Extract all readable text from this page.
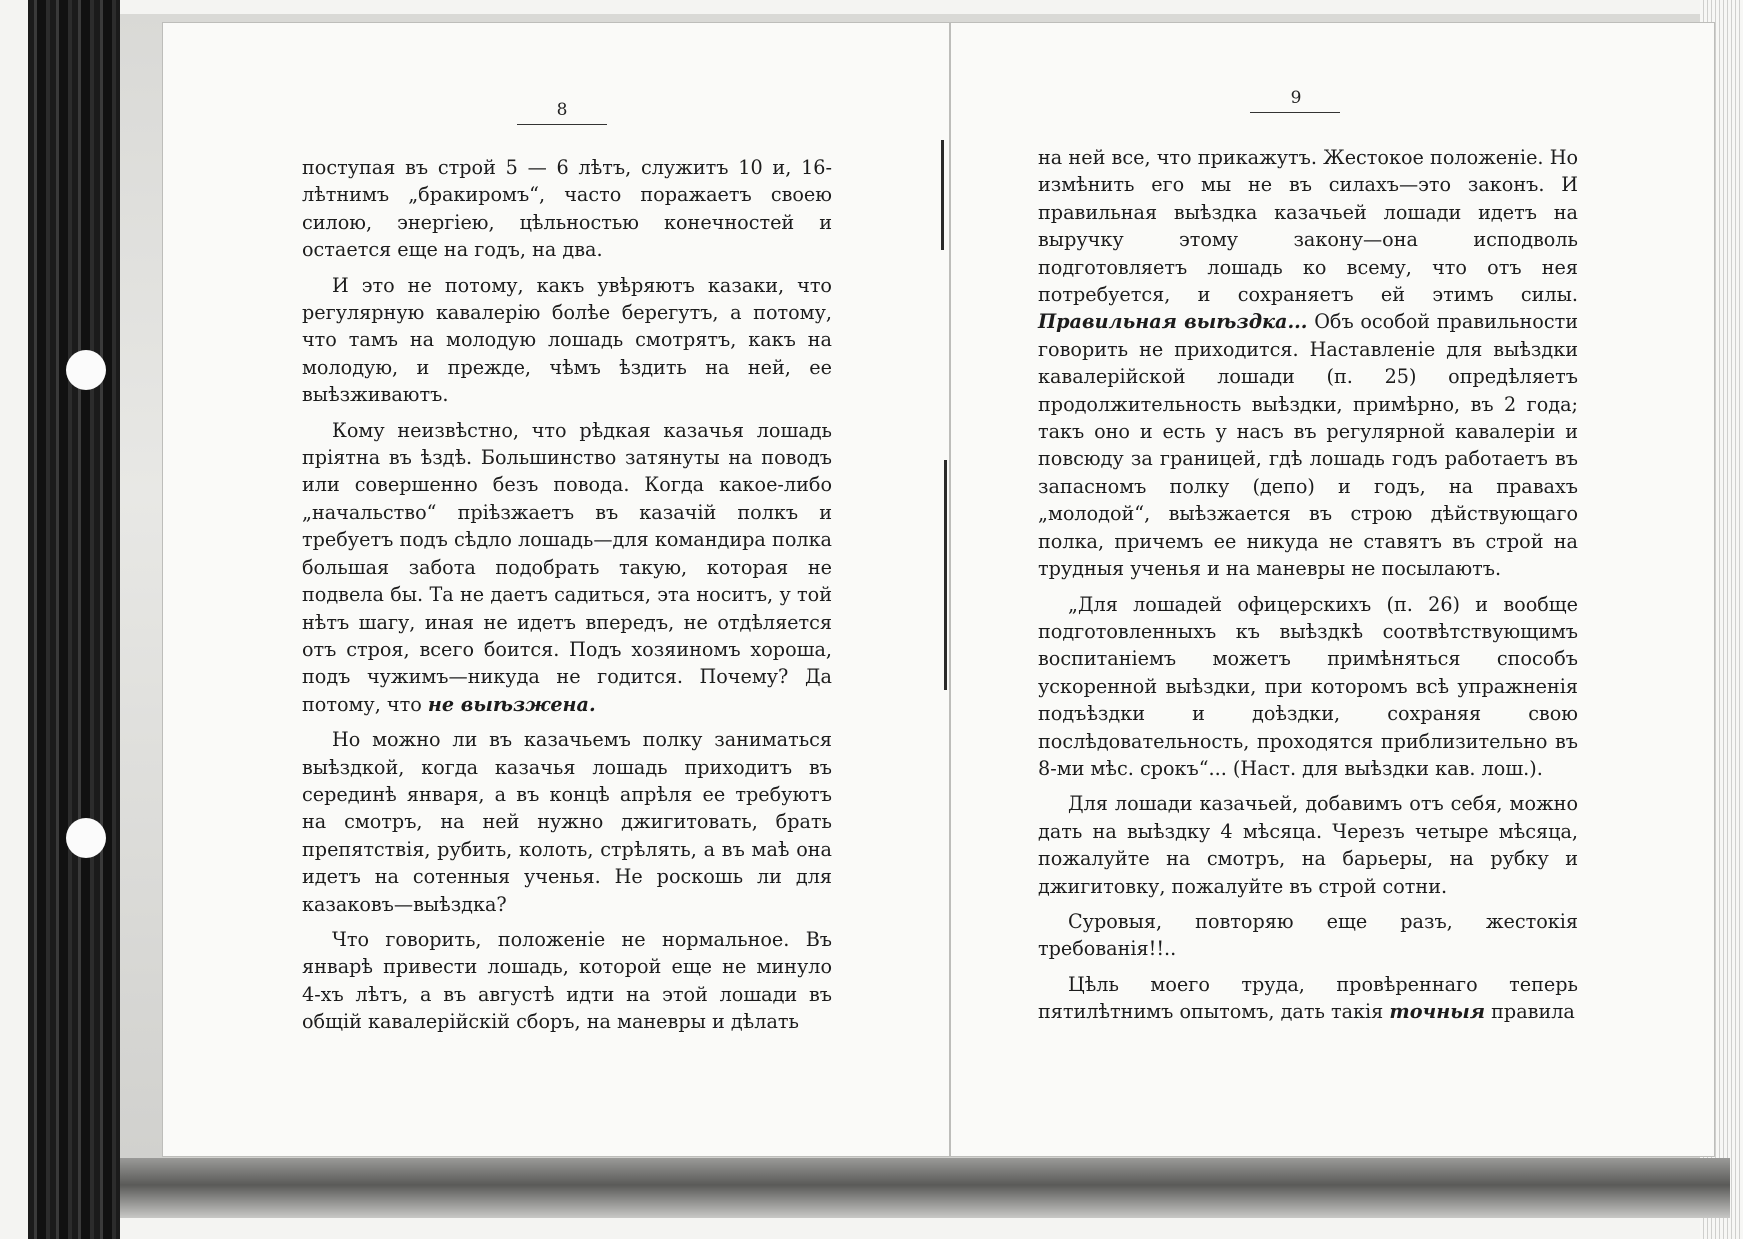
8

поступая въ строй 5 — 6 лѣтъ, служитъ 10 и, 16-лѣтнимъ „бракиромъ“, часто поражаетъ своею силою, энергіею, цѣльностью конечностей и остается еще на годъ, на два.

И это не потому, какъ увѣряютъ казаки, что регулярную кавалерію болѣе берегутъ, а потому, что тамъ на молодую лошадь смотрятъ, какъ на молодую, и прежде, чѣмъ ѣздить на ней, ее выѣзживаютъ.

Кому неизвѣстно, что рѣдкая казачья лошадь пріятна въ ѣздѣ. Большинство затянуты на поводъ или совершенно безъ повода. Когда какое-либо „начальство“ пріѣзжаетъ въ казачій полкъ и требуетъ подъ сѣдло лошадь—для командира полка большая забота подобрать такую, которая не подвела бы. Та не даетъ садиться, эта носитъ, у той нѣтъ шагу, иная не идетъ впередъ, не отдѣляется отъ строя, всего боится. Подъ хозяиномъ хороша, подъ чужимъ—никуда не годится. Почему? Да потому, что не выѣзжена.

Но можно ли въ казачьемъ полку заниматься выѣздкой, когда казачья лошадь приходитъ въ серединѣ января, а въ концѣ апрѣля ее требуютъ на смотръ, на ней нужно джигитовать, брать препятствія, рубить, колоть, стрѣлять, а въ маѣ она идетъ на сотенныя ученья. Не роскошь ли для казаковъ—выѣздка?

Что говорить, положеніе не нормальное. Въ январѣ привести лошадь, которой еще не минуло 4-хъ лѣтъ, а въ августѣ идти на этой лошади въ общій кавалерійскій сборъ, на маневры и дѣлать

9

на ней все, что прикажутъ. Жестокое положеніе. Но измѣнить его мы не въ силахъ—это законъ. И правильная выѣздка казачьей лошади идетъ на выручку этому закону—она исподволь подготовляетъ лошадь ко всему, что отъ нея потребуется, и сохраняетъ ей этимъ силы. Правильная выѣздка... Объ особой правильности говорить не приходится. Наставленіе для выѣздки кавалерійской лошади (п. 25) опредѣляетъ продолжительность выѣздки, примѣрно, въ 2 года; такъ оно и есть у насъ въ регулярной кавалеріи и повсюду за границей, гдѣ лошадь годъ работаетъ въ запасномъ полку (депо) и годъ, на правахъ „молодой“, выѣзжается въ строю дѣйствующаго полка, причемъ ее никуда не ставятъ въ строй на трудныя ученья и на маневры не посылаютъ.

„Для лошадей офицерскихъ (п. 26) и вообще подготовленныхъ къ выѣздкѣ соотвѣтствующимъ воспитаніемъ можетъ примѣняться способъ ускоренной выѣздки, при которомъ всѣ упражненія подъѣздки и доѣздки, сохраняя свою послѣдовательность, проходятся приблизительно въ 8-ми мѣс. срокъ“... (Наст. для выѣздки кав. лош.).

Для лошади казачьей, добавимъ отъ себя, можно дать на выѣздку 4 мѣсяца. Черезъ четыре мѣсяца, пожалуйте на смотръ, на барьеры, на рубку и джигитовку, пожалуйте въ строй сотни.

Суровыя, повторяю еще разъ, жестокія требованія!!..

Цѣль моего труда, провѣреннаго теперь пятилѣтнимъ опытомъ, дать такія точныя правила
